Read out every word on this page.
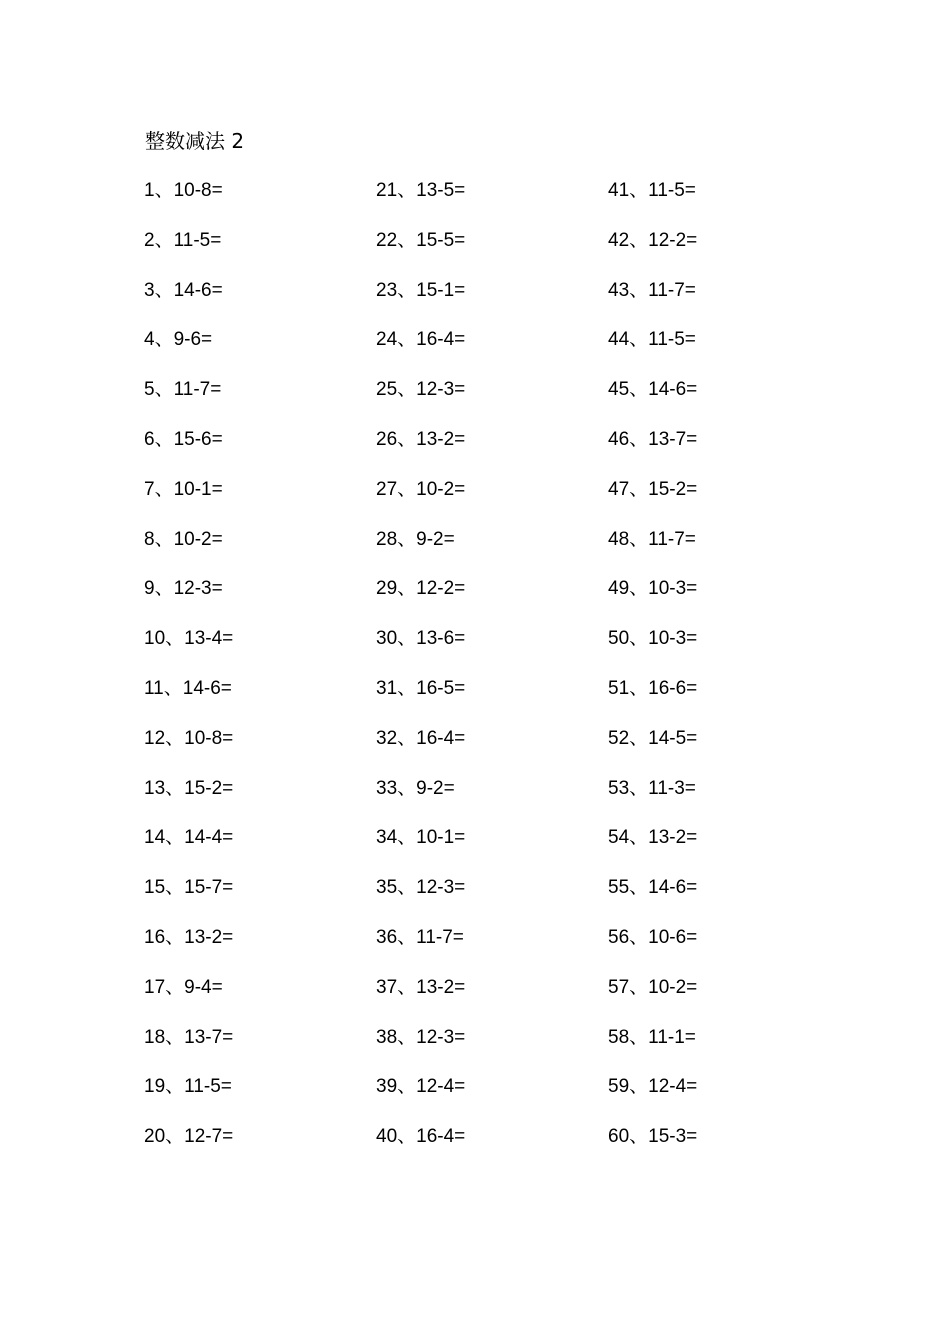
整数减法 2
1、10-8=
2、11-5=
3、14-6=
4、9-6=
5、11-7=
6、15-6=
7、10-1=
8、10-2=
9、12-3=
10、13-4=
11、14-6=
12、10-8=
13、15-2=
14、14-4=
15、15-7=
16、13-2=
17、9-4=
18、13-7=
19、11-5=
20、12-7=
21、13-5=
22、15-5=
23、15-1=
24、16-4=
25、12-3=
26、13-2=
27、10-2=
28、9-2=
29、12-2=
30、13-6=
31、16-5=
32、16-4=
33、9-2=
34、10-1=
35、12-3=
36、11-7=
37、13-2=
38、12-3=
39、12-4=
40、16-4=
41、11-5=
42、12-2=
43、11-7=
44、11-5=
45、14-6=
46、13-7=
47、15-2=
48、11-7=
49、10-3=
50、10-3=
51、16-6=
52、14-5=
53、11-3=
54、13-2=
55、14-6=
56、10-6=
57、10-2=
58、11-1=
59、12-4=
60、15-3=
